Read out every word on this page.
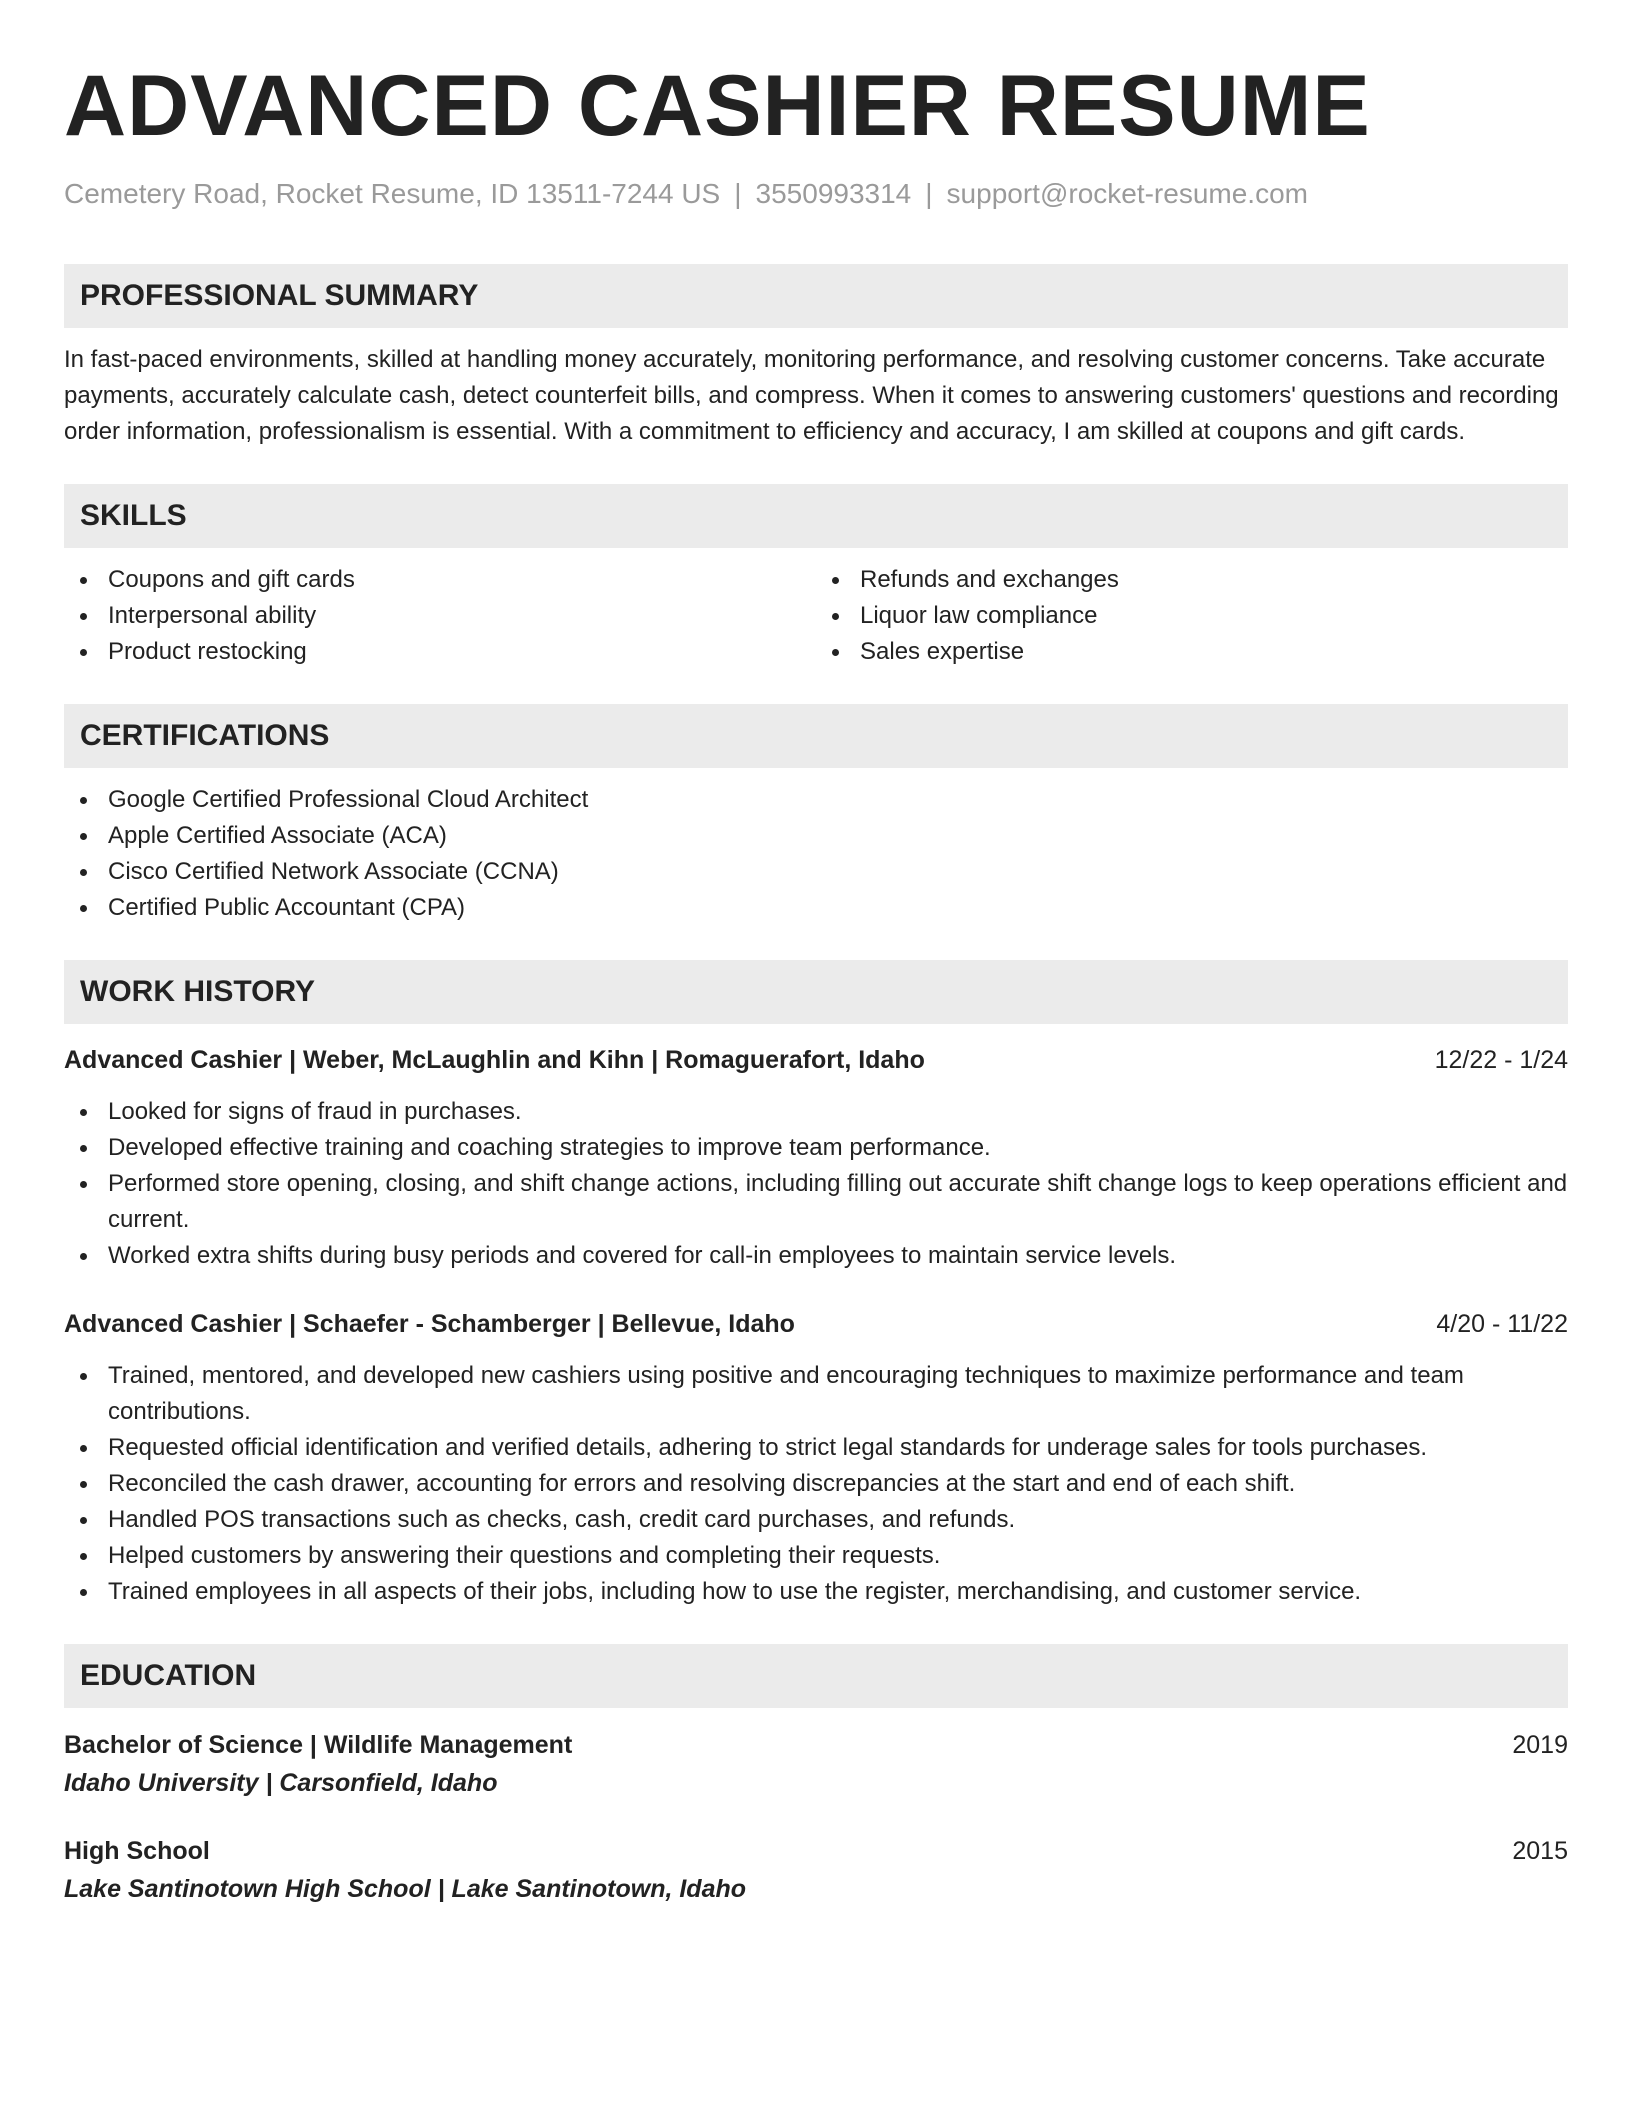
ADVANCED CASHIER RESUME
Cemetery Road, Rocket Resume, ID 13511-7244 US | 3550993314 | support@rocket-resume.com
PROFESSIONAL SUMMARY
In fast-paced environments, skilled at handling money accurately, monitoring performance, and resolving customer concerns. Take accurate payments, accurately calculate cash, detect counterfeit bills, and compress. When it comes to answering customers' questions and recording order information, professionalism is essential. With a commitment to efficiency and accuracy, I am skilled at coupons and gift cards.
SKILLS
Coupons and gift cards
Interpersonal ability
Product restocking
Refunds and exchanges
Liquor law compliance
Sales expertise
CERTIFICATIONS
Google Certified Professional Cloud Architect
Apple Certified Associate (ACA)
Cisco Certified Network Associate (CCNA)
Certified Public Accountant (CPA)
WORK HISTORY
Advanced Cashier | Weber, McLaughlin and Kihn | Romaguerafort, Idaho	12/22 - 1/24
Looked for signs of fraud in purchases.
Developed effective training and coaching strategies to improve team performance.
Performed store opening, closing, and shift change actions, including filling out accurate shift change logs to keep operations efficient and current.
Worked extra shifts during busy periods and covered for call-in employees to maintain service levels.
Advanced Cashier | Schaefer - Schamberger | Bellevue, Idaho	4/20 - 11/22
Trained, mentored, and developed new cashiers using positive and encouraging techniques to maximize performance and team contributions.
Requested official identification and verified details, adhering to strict legal standards for underage sales for tools purchases.
Reconciled the cash drawer, accounting for errors and resolving discrepancies at the start and end of each shift.
Handled POS transactions such as checks, cash, credit card purchases, and refunds.
Helped customers by answering their questions and completing their requests.
Trained employees in all aspects of their jobs, including how to use the register, merchandising, and customer service.
EDUCATION
Bachelor of Science | Wildlife Management	2019
Idaho University | Carsonfield, Idaho
High School	2015
Lake Santinotown High School | Lake Santinotown, Idaho
